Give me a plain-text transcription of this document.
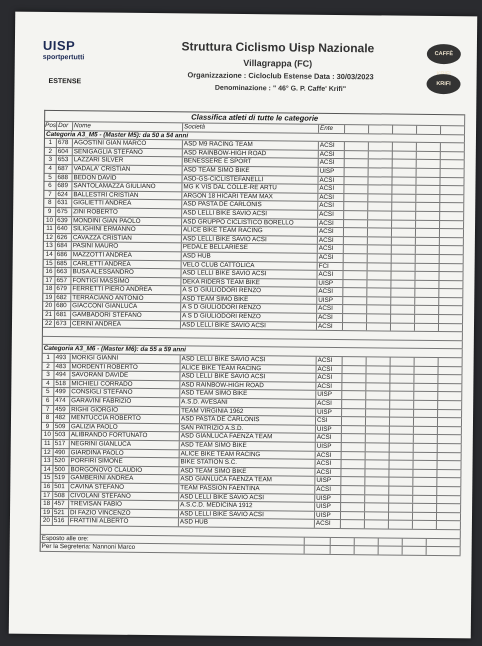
UISP
sportpertutti
ESTENSE
Struttura Ciclismo Uisp Nazionale
Villagrappa (FC)
Organizzazione : Cicloclub Estense Data : 30/03/2023
Denominazione : " 46° G. P. Caffe' Krifi"
CAFFÈ
KRIFI
Classifica atleti di tutte le categorie
Pos Dor Nome	Società	Ente
Categoria A3_M5 - (Master M5): da 50 a 54 anni
1 678 AGOSTINI GIAN MARCO	ASD M9 RACING TEAM	ACSI
2 604 SENIGAGLIA STEFANO	ASD RAINBOW-HIGH ROAD	ACSI
3 653 LAZZARI SILVER	BENESSERE E SPORT	ACSI
4 687 VADALA' CRISTIAN	ASD TEAM SIMO BIKE	UISP
5 688 BEDON DAVID	ASD-GS-CICLISTEFANELLI	ACSI
6 689 SANTOLAMAZZA GIULIANO	MG K VIS DAL COLLE-RE ARTU	ACSI
7 624 BALLESTRI CRISTIAN	ARGON 18 HICARI TEAM MAX	ACSI
8 631 GIGLIETTI ANDREA	ASD PASTA DE CARLONIS	ACSI
9 675 ZINI ROBERTO	ASD LELLI BIKE SAVIO ACSI	ACSI
10 639 MONDINI GIAN PAOLO	ASD GRUPPO CICLISTICO BORELLO	ACSI
11 640 SILIGHINI ERMANNO	ALICE BIKE TEAM RACING	ACSI
12 626 CAVAZZA CRISTIAN	ASD LELLI BIKE SAVIO ACSI	ACSI
13 684 PASINI MAURO	PEDALE BELLARIESE	ACSI
14 686 MAZZOTTI ANDREA	ASD HUB	ACSI
15 685 CARLETTI ANDREA	VELO CLUB CATTOLICA	FCI
16 663 BUSA ALESSANDRO	ASD LELLI BIKE SAVIO ACSI	ACSI
17 657 FONTIGI MASSIMO	DEKA RIDERS TEAM BIKE	UISP
18 679 FERRETTI PIERO ANDREA	A S D GIULIODORI RENZO	ACSI
19 682 TERRACIANO ANTONIO	ASD TEAM SIMO BIKE	UISP
20 680 GIACCONI GIANLUCA	A S D GIULIODORI RENZO	ACSI
21 681 GAMBADORI STEFANO	A S D GIULIODORI RENZO	ACSI
22 673 CERINI ANDREA	ASD LELLI BIKE SAVIO ACSI	ACSI
Categoria A3_M6 - (Master M6): da 55 a 59 anni
1 493 MORIGI GIANNI	ASD LELLI BIKE SAVIO ACSI	ACSI
2 483 MORDENTI ROBERTO	ALICE BIKE TEAM RACING	ACSI
3 494 SAVORANI DAVIDE	ASD LELLI BIKE SAVIO ACSI	ACSI
4 518 MICHIELI CORRADO	ASD RAINBOW-HIGH ROAD	ACSI
5 499 CONSIGLI STEFANO	ASD TEAM SIMO BIKE	UISP
6 474 GARAVINI FABRIZIO	A.S.D. AVESANI	ACSI
7 459 RIGHI GIORGIO	TEAM VIRGINIA 1962	UISP
8 482 MENTUCCIA ROBERTO	ASD PASTA DE CARLONIS	CSI
9 509 GALIZIA PAOLO	SAN PATRIZIO A.S.D.	UISP
10 503 ALIBRANDO FORTUNATO	ASD GIANLUCA FAENZA TEAM	ACSI
11 517 NEGRINI GIANLUCA	ASD TEAM SIMO BIKE	UISP
12 490 GIARDINA PAOLO	ALICE BIKE TEAM RACING	ACSI
13 520 PORFIRI SIMONE	BIKE STATION S.C.	ACSI
14 500 BORGONOVO CLAUDIO	ASD TEAM SIMO BIKE	ACSI
15 519 GAMBERINI ANDREA	ASD GIANLUCA FAENZA TEAM	UISP
16 501 CAVINA STEFANO	TEAM PASSION FAENTINA	ACSI
17 508 CIVOLANI STEFANO	ASD LELLI BIKE SAVIO ACSI	UISP
18 457 TREVISAN FABIO	A.S.C.D. MEDICINA 1912	UISP
19 521 DI FAZIO VINCENZO	ASD LELLI BIKE SAVIO ACSI	UISP
20 516 FRATTINI ALBERTO	ASD HUB	ACSI
Esposto alle ore:
Per la Segreteria: Nannoni Marco
